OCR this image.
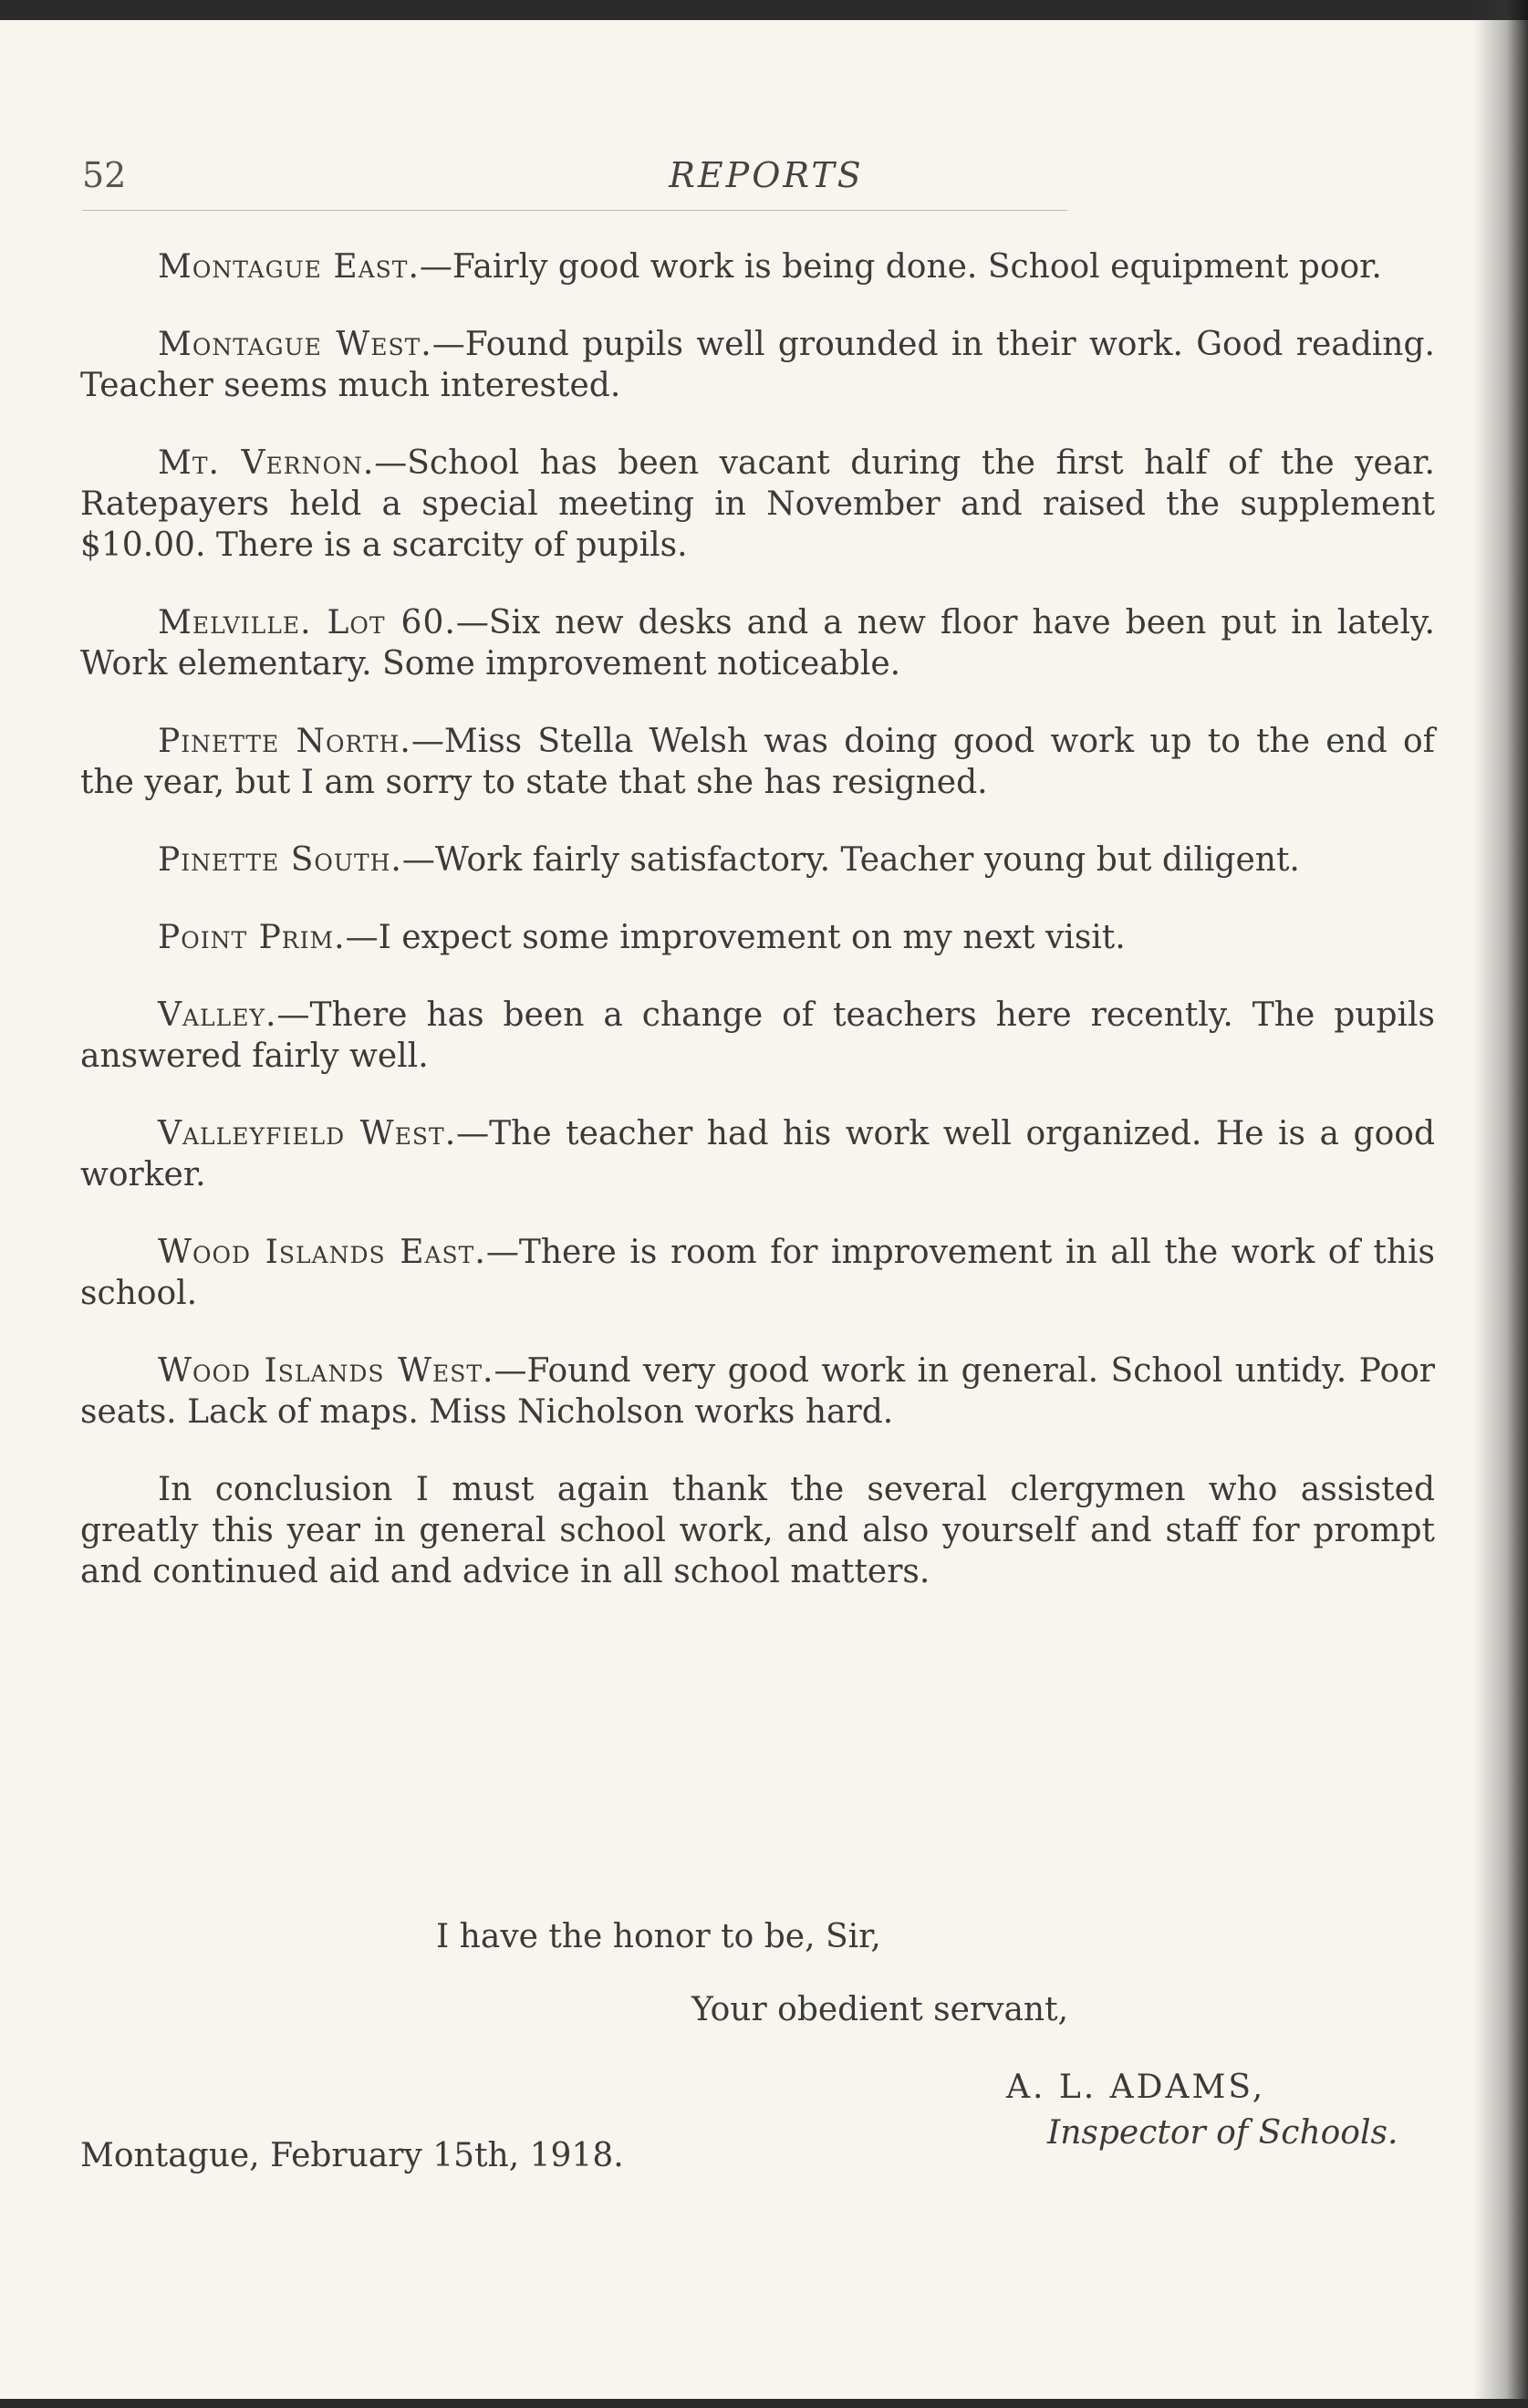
52	REPORTS

Montague East.—Fairly good work is being done. School equipment poor.

Montague West.—Found pupils well grounded in their work. Good reading. Teacher seems much interested.

Mt. Vernon.—School has been vacant during the first half of the year. Ratepayers held a special meeting in November and raised the supplement $10.00. There is a scarcity of pupils.

Melville. Lot 60.—Six new desks and a new floor have been put in lately. Work elementary. Some improvement noticeable.

Pinette North.—Miss Stella Welsh was doing good work up to the end of the year, but I am sorry to state that she has resigned.

Pinette South.—Work fairly satisfactory. Teacher young but diligent.

Point Prim.—I expect some improvement on my next visit.

Valley.—There has been a change of teachers here recently. The pupils answered fairly well.

Valleyfield West.—The teacher had his work well organized. He is a good worker.

Wood Islands East.—There is room for improvement in all the work of this school.

Wood Islands West.—Found very good work in general. School untidy. Poor seats. Lack of maps. Miss Nicholson works hard.

In conclusion I must again thank the several clergymen who assisted greatly this year in general school work, and also yourself and staff for prompt and continued aid and advice in all school matters.

I have the honor to be, Sir,
Your obedient servant,
A. L. ADAMS,
Inspector of Schools.
Montague, February 15th, 1918.
